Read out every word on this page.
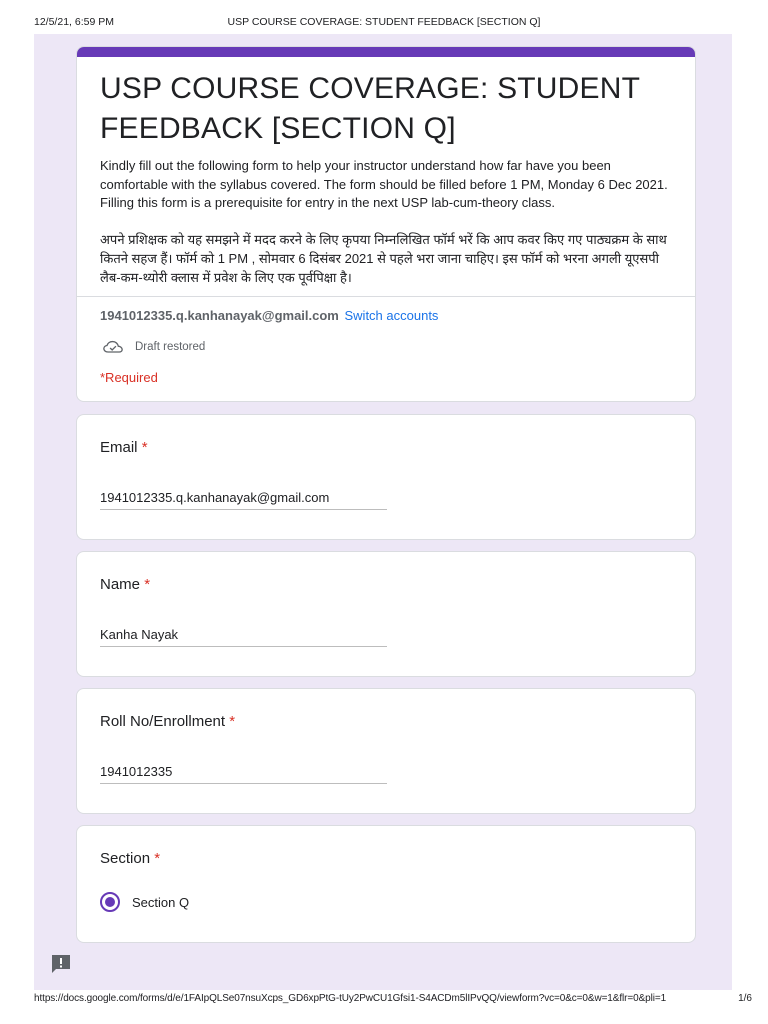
12/5/21, 6:59 PM	USP COURSE COVERAGE: STUDENT FEEDBACK [SECTION Q]
USP COURSE COVERAGE: STUDENT FEEDBACK [SECTION Q]
Kindly fill out the following form to help your instructor understand how far have you been comfortable with the syllabus covered. The form should be filled before 1 PM, Monday 6 Dec 2021. Filling this form is a prerequisite for entry in the next USP lab-cum-theory class.
अपने प्रशिक्षक को यह समझने में मदद करने के लिए कृपया निम्नलिखित फॉर्म भरें कि आप कवर किए गए पाठ्यक्रम के साथ कितने सहज हैं। फॉर्म को 1 PM , सोमवार 6 दिसंबर 2021 से पहले भरा जाना चाहिए। इस फॉर्म को भरना अगली यूएसपी लैब-कम-थ्योरी क्लास में प्रवेश के लिए एक पूर्वपिक्षा है।
1941012335.q.kanhanayak@gmail.com Switch accounts
Draft restored
*Required
Email *
1941012335.q.kanhanayak@gmail.com
Name *
Kanha Nayak
Roll No/Enrollment *
1941012335
Section *
Section Q
https://docs.google.com/forms/d/e/1FAIpQLSe07nsuXcps_GD6xpPtG-tUy2PwCU1Gfsi1-S4ACDm5lIPvQQ/viewform?vc=0&c=0&w=1&flr=0&pli=1	1/6
